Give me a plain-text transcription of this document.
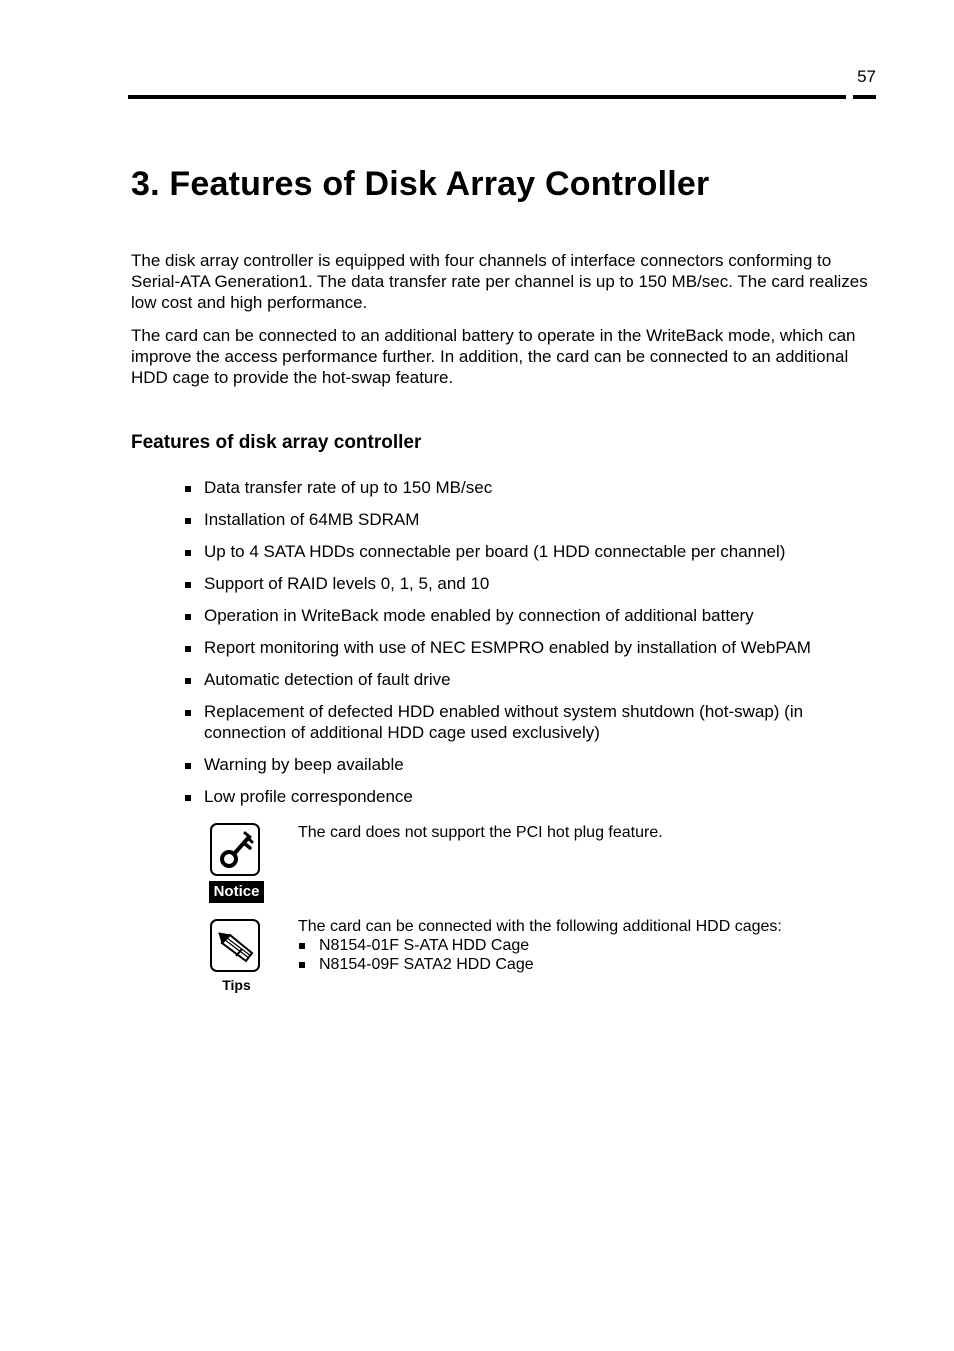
57
3. Features of Disk Array Controller

The disk array controller is equipped with four channels of interface connectors conforming to Serial-ATA Generation1. The data transfer rate per channel is up to 150 MB/sec. The card realizes low cost and high performance.

The card can be connected to an additional battery to operate in the WriteBack mode, which can improve the access performance further. In addition, the card can be connected to an additional HDD cage to provide the hot-swap feature.

Features of disk array controller
Data transfer rate of up to 150 MB/sec
Installation of 64MB SDRAM
Up to 4 SATA HDDs connectable per board (1 HDD connectable per channel)
Support of RAID levels 0, 1, 5, and 10
Operation in WriteBack mode enabled by connection of additional battery
Report monitoring with use of NEC ESMPRO enabled by installation of WebPAM
Automatic detection of fault drive
Replacement of defected HDD enabled without system shutdown (hot-swap) (in connection of additional HDD cage used exclusively)
Warning by beep available
Low profile correspondence
Notice
The card does not support the PCI hot plug feature.
Tips

The card can be connected with the following additional HDD cages:

N8154-01F S-ATA HDD Cage
N8154-09F SATA2 HDD Cage
